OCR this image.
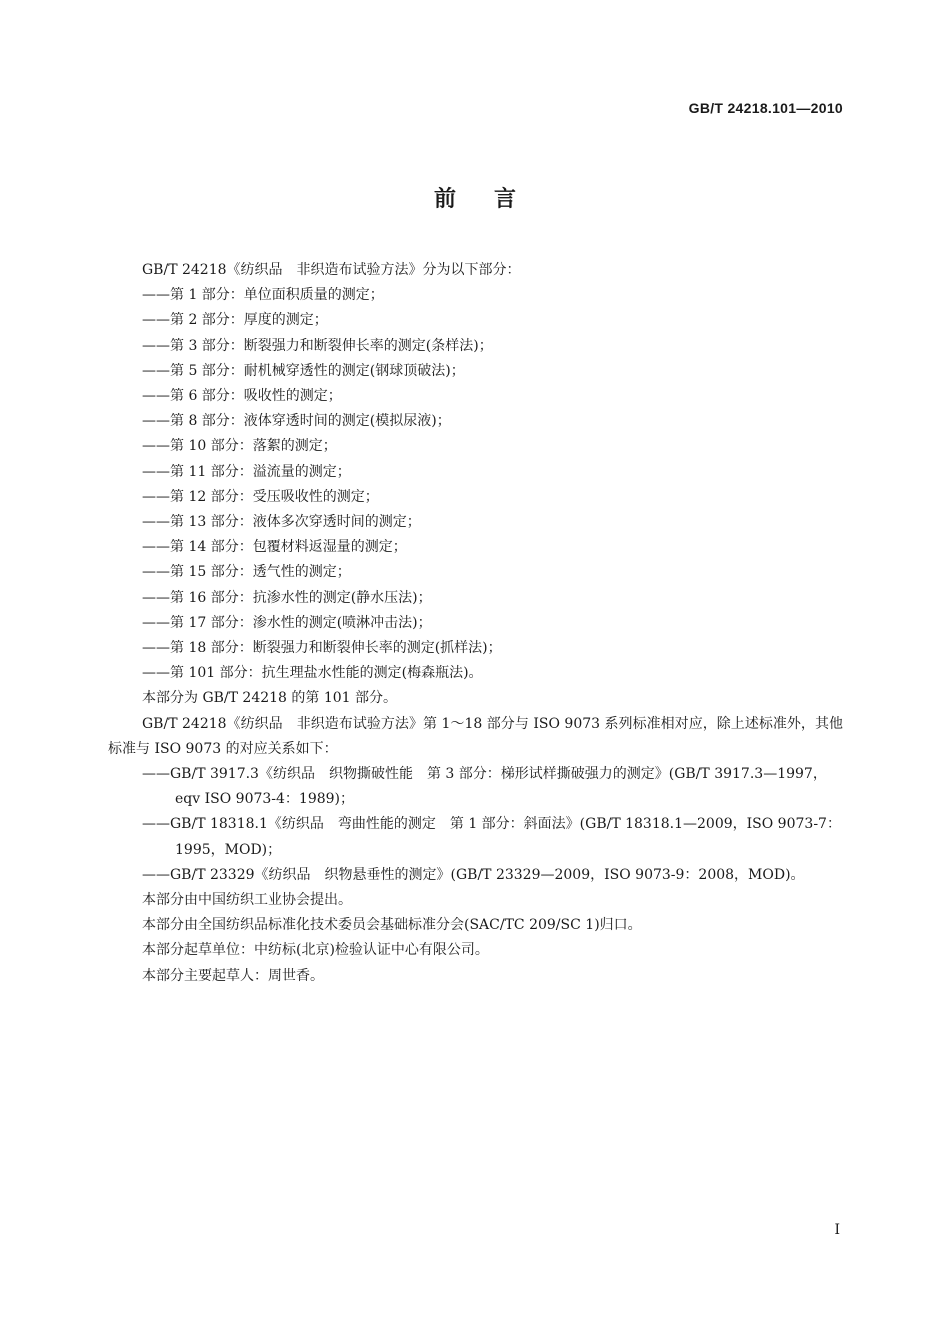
GB/T 24218.101—2010
前言

GB/T 24218《纺织品　非织造布试验方法》分为以下部分：

——第 1 部分：单位面积质量的测定；

——第 2 部分：厚度的测定；

——第 3 部分：断裂强力和断裂伸长率的测定(条样法)；

——第 5 部分：耐机械穿透性的测定(钢球顶破法)；

——第 6 部分：吸收性的测定；

——第 8 部分：液体穿透时间的测定(模拟尿液)；

——第 10 部分：落絮的测定；

——第 11 部分：溢流量的测定；

——第 12 部分：受压吸收性的测定；

——第 13 部分：液体多次穿透时间的测定；

——第 14 部分：包覆材料返湿量的测定；

——第 15 部分：透气性的测定；

——第 16 部分：抗渗水性的测定(静水压法)；

——第 17 部分：渗水性的测定(喷淋冲击法)；

——第 18 部分：断裂强力和断裂伸长率的测定(抓样法)；

——第 101 部分：抗生理盐水性能的测定(梅森瓶法)。

本部分为 GB/T 24218 的第 101 部分。

GB/T 24218《纺织品　非织造布试验方法》第 1～18 部分与 ISO 9073 系列标准相对应，除上述标准外，其他标准与 ISO 9073 的对应关系如下：

——GB/T 3917.3《纺织品　织物撕破性能　第 3 部分：梯形试样撕破强力的测定》(GB/T 3917.3—1997，eqv ISO 9073-4：1989)；

——GB/T 18318.1《纺织品　弯曲性能的测定　第 1 部分：斜面法》(GB/T 18318.1—2009，ISO 9073-7：1995，MOD)；

——GB/T 23329《纺织品　织物悬垂性的测定》(GB/T 23329—2009，ISO 9073-9：2008，MOD)。

本部分由中国纺织工业协会提出。

本部分由全国纺织品标准化技术委员会基础标准分会(SAC/TC 209/SC 1)归口。

本部分起草单位：中纺标(北京)检验认证中心有限公司。

本部分主要起草人：周世香。

I
